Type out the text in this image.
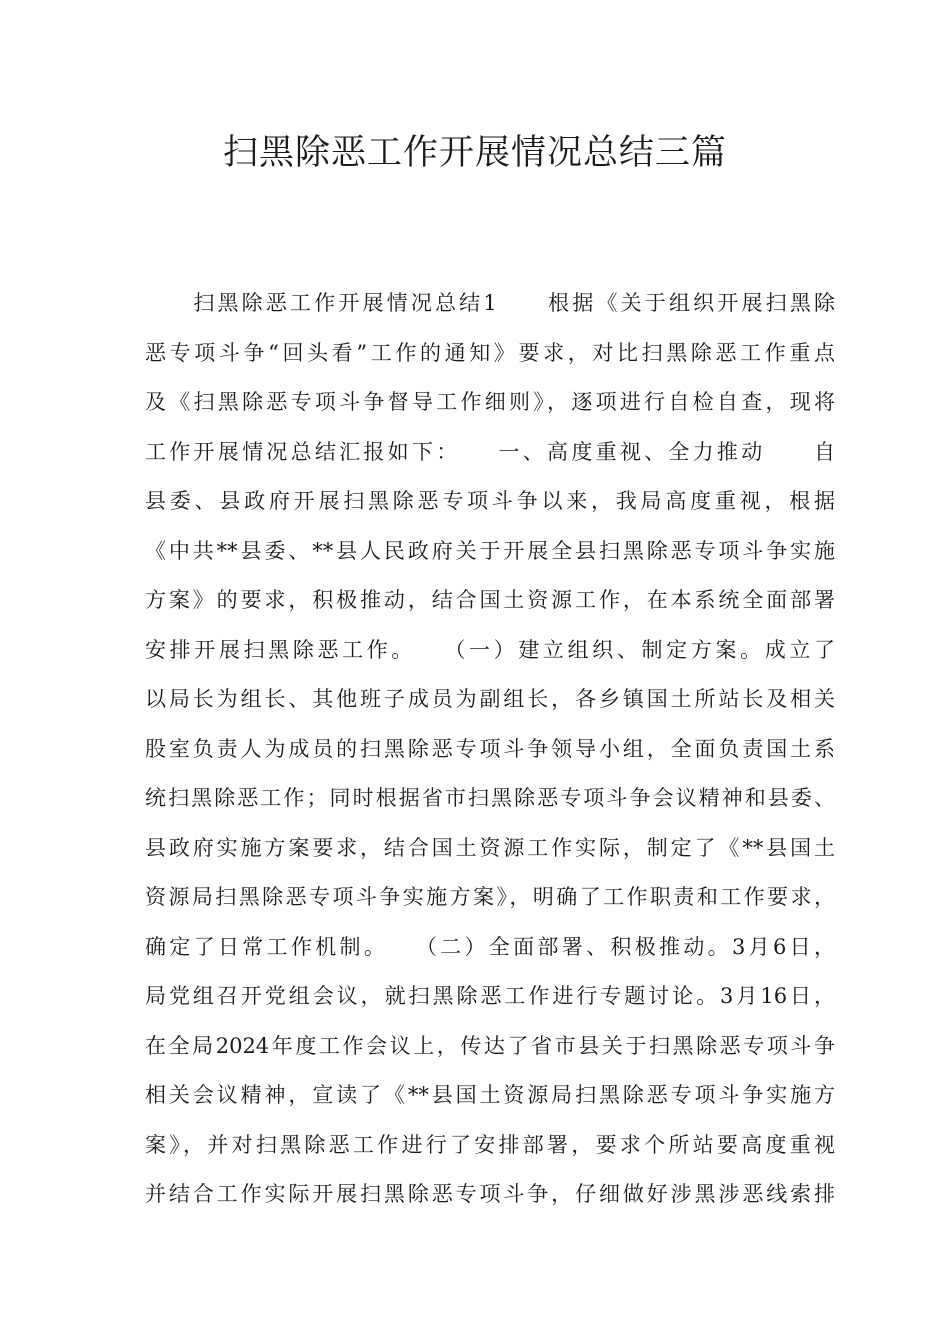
扫黑除恶工作开展情况总结三篇
　　扫黑除恶工作开展情况总结1　　根据《关于组织开展扫黑除
恶专项斗争“回头看”工作的通知》要求，对比扫黑除恶工作重点
及《扫黑除恶专项斗争督导工作细则》，逐项进行自检自查，现将
工作开展情况总结汇报如下：　　一、高度重视、全力推动　　自
县委、县政府开展扫黑除恶专项斗争以来，我局高度重视，根据
《中共**县委、**县人民政府关于开展全县扫黑除恶专项斗争实施
方案》的要求，积极推动，结合国土资源工作，在本系统全面部署
安排开展扫黑除恶工作。　　（一）建立组织、制定方案。成立了
以局长为组长、其他班子成员为副组长，各乡镇国土所站长及相关
股室负责人为成员的扫黑除恶专项斗争领导小组，全面负责国土系
统扫黑除恶工作；同时根据省市扫黑除恶专项斗争会议精神和县委、
县政府实施方案要求，结合国土资源工作实际，制定了《**县国土
资源局扫黑除恶专项斗争实施方案》，明确了工作职责和工作要求，
确定了日常工作机制。　　（二）全面部署、积极推动。3月6日，
局党组召开党组会议，就扫黑除恶工作进行专题讨论。3月16日，
在全局2024年度工作会议上，传达了省市县关于扫黑除恶专项斗争
相关会议精神，宣读了《**县国土资源局扫黑除恶专项斗争实施方
案》，并对扫黑除恶工作进行了安排部署，要求个所站要高度重视
并结合工作实际开展扫黑除恶专项斗争，仔细做好涉黑涉恶线索排
